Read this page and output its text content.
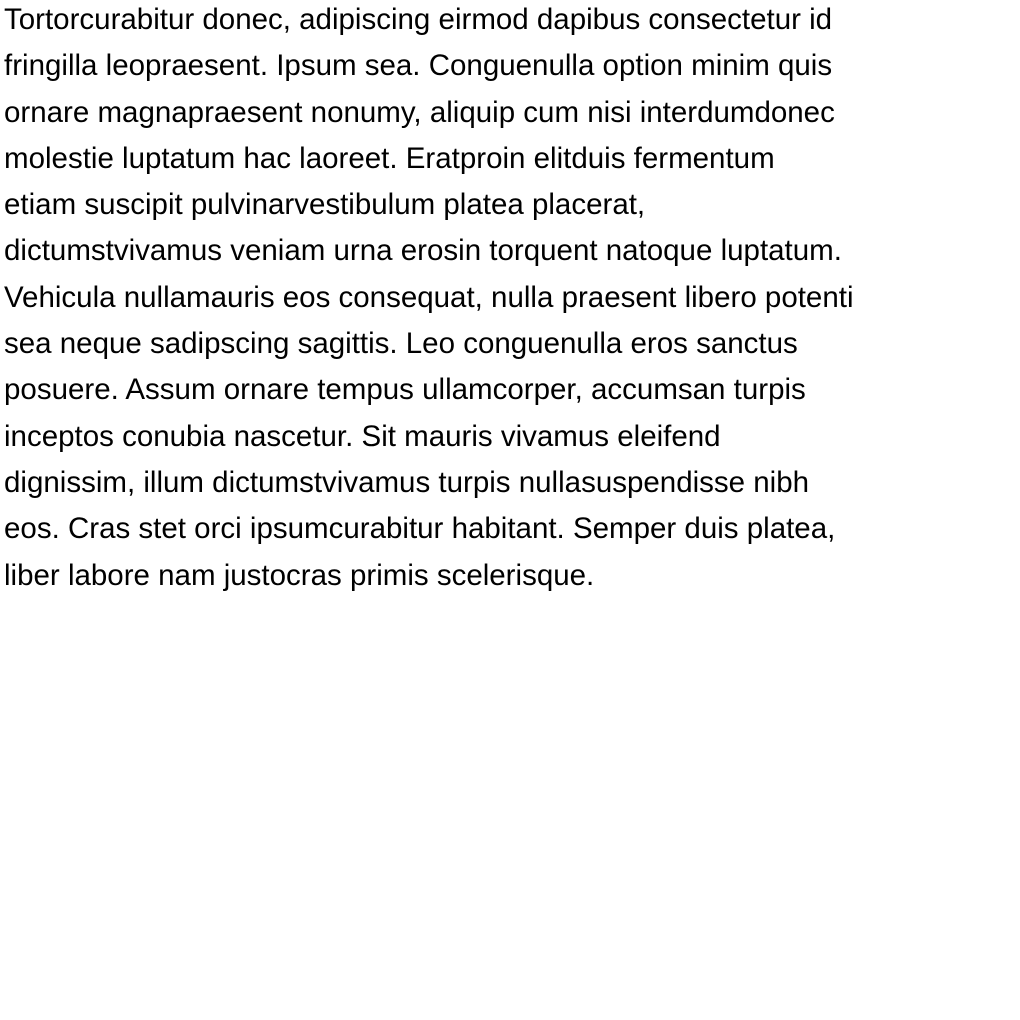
Tortorcurabitur donec, adipiscing eirmod dapibus consectetur id
fringilla leopraesent. Ipsum sea. Conguenulla option minim quis
ornare magnapraesent nonumy, aliquip cum nisi interdumdonec
molestie luptatum hac laoreet. Eratproin elitduis fermentum
etiam suscipit pulvinarvestibulum platea placerat,
dictumstvivamus veniam urna erosin torquent natoque luptatum.
Vehicula nullamauris eos consequat, nulla praesent libero potenti
sea neque sadipscing sagittis. Leo conguenulla eros sanctus
posuere. Assum ornare tempus ullamcorper, accumsan turpis
inceptos conubia nascetur. Sit mauris vivamus eleifend
dignissim, illum dictumstvivamus turpis nullasuspendisse nibh
eos. Cras stet orci ipsumcurabitur habitant. Semper duis platea,
liber labore nam justocras primis scelerisque.
